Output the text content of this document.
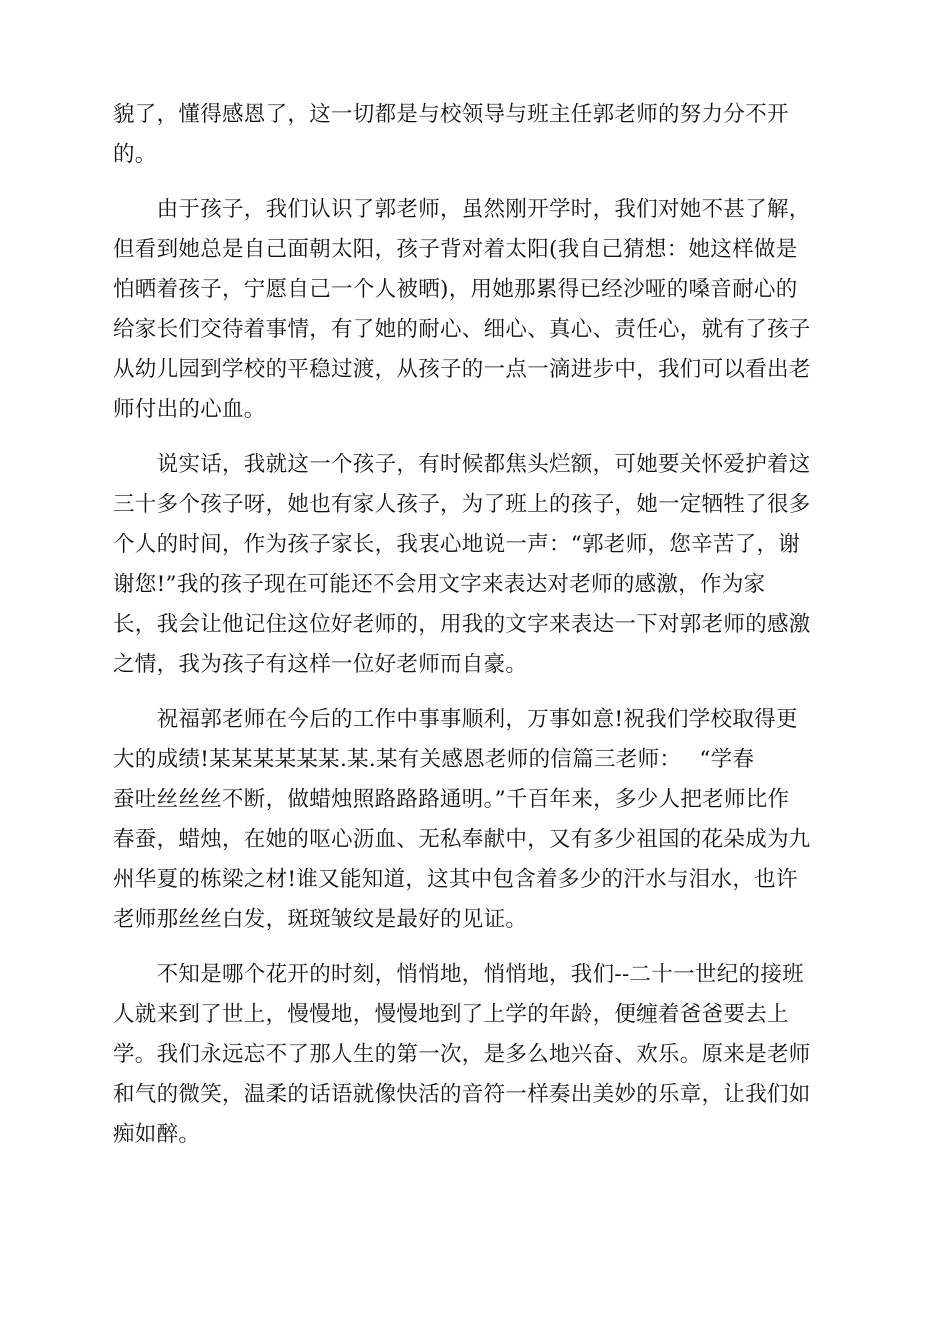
貌了，懂得感恩了，这一切都是与校领导与班主任郭老师的努力分不开
的。
　　由于孩子，我们认识了郭老师，虽然刚开学时，我们对她不甚了解，
但看到她总是自己面朝太阳，孩子背对着太阳(我自己猜想：她这样做是
怕晒着孩子，宁愿自己一个人被晒)，用她那累得已经沙哑的嗓音耐心的
给家长们交待着事情，有了她的耐心、细心、真心、责任心，就有了孩子
从幼儿园到学校的平稳过渡，从孩子的一点一滴进步中，我们可以看出老
师付出的心血。
　　说实话，我就这一个孩子，有时候都焦头烂额，可她要关怀爱护着这
三十多个孩子呀，她也有家人孩子，为了班上的孩子，她一定牺牲了很多
个人的时间，作为孩子家长，我衷心地说一声：“郭老师，您辛苦了，谢
谢您!”我的孩子现在可能还不会用文字来表达对老师的感激，作为家
长，我会让他记住这位好老师的，用我的文字来表达一下对郭老师的感激
之情，我为孩子有这样一位好老师而自豪。
　　祝福郭老师在今后的工作中事事顺利，万事如意!祝我们学校取得更
大的成绩!某某某某某某.某.某有关感恩老师的信篇三老师：　 “学春
蚕吐丝丝丝不断，做蜡烛照路路路通明。”千百年来，多少人把老师比作
春蚕，蜡烛，在她的呕心沥血、无私奉献中，又有多少祖国的花朵成为九
州华夏的栋梁之材!谁又能知道，这其中包含着多少的汗水与泪水，也许
老师那丝丝白发，斑斑皱纹是最好的见证。
　　不知是哪个花开的时刻，悄悄地，悄悄地，我们--二十一世纪的接班
人就来到了世上，慢慢地，慢慢地到了上学的年龄，便缠着爸爸要去上
学。我们永远忘不了那人生的第一次，是多么地兴奋、欢乐。原来是老师
和气的微笑，温柔的话语就像快活的音符一样奏出美妙的乐章，让我们如
痴如醉。
